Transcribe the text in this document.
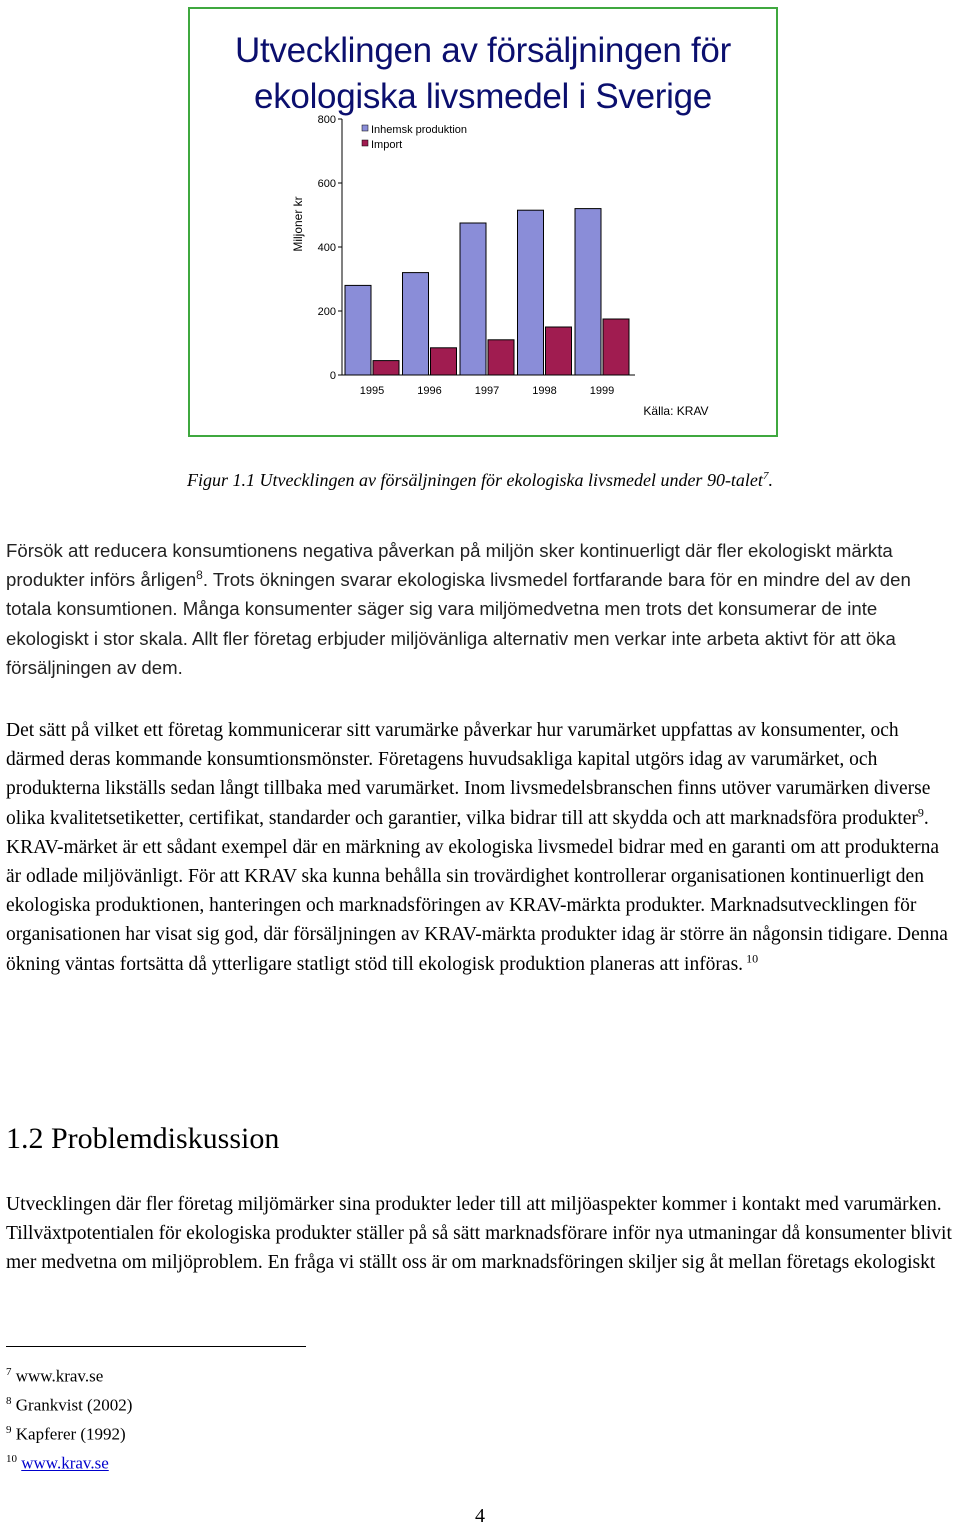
Utvecklingen av försäljningen för
ekologiska livsmedel i Sverige
0
200
400
600
800
1995	1996	1997	1998	1999
Inhemsk produktion
Import
Miljoner kr
Källa: KRAV
Figur 1.1 Utvecklingen av försäljningen för ekologiska livsmedel under 90-talet$^7$.
Försök att reducera konsumtionens negativa påverkan på miljön sker kontinuerligt där fler ekologiskt märkta produkter införs årligen$^8$. Trots ökningen svarar ekologiska livsmedel fortfarande bara för en mindre del av den totala konsumtionen. Många konsumenter säger sig vara miljömedvetna men trots det konsumerar de inte ekologiskt i stor skala. Allt fler företag erbjuder miljövänliga alternativ men verkar inte arbeta aktivt för att öka försäljningen av dem.
Det sätt på vilket ett företag kommunicerar sitt varumärke påverkar hur varumärket uppfattas av konsumenter, och därmed deras kommande konsumtionsmönster. Företagens huvudsakliga kapital utgörs idag av varumärket, och produkterna likställs sedan långt tillbaka med varumärket. Inom livsmedelsbranschen finns utöver varumärken diverse olika kvalitetsetiketter, certifikat, standarder och garantier, vilka bidrar till att skydda och att marknadsföra produkter$^9$. KRAV-märket är ett sådant exempel där en märkning av ekologiska livsmedel bidrar med en garanti om att produkterna är odlade miljövänligt. För att KRAV ska kunna behålla sin trovärdighet kontrollerar organisationen kontinuerligt den ekologiska produktionen, hanteringen och marknadsföringen av KRAV-märkta produkter. Marknadsutvecklingen för organisationen har visat sig god, där försäljningen av KRAV-märkta produkter idag är större än någonsin tidigare. Denna ökning väntas fortsätta då ytterligare statligt stöd till ekologisk produktion planeras att införas. $^{10}$
1.2 Problemdiskussion
Utvecklingen där fler företag miljömärker sina produkter leder till att miljöaspekter kommer i kontakt med varumärken. Tillväxtpotentialen för ekologiska produkter ställer på så sätt marknadsförare inför nya utmaningar då konsumenter blivit mer medvetna om miljöproblem. En fråga vi ställt oss är om marknadsföringen skiljer sig åt mellan företags ekologiskt
$^7$ www.krav.se
$^8$ Grankvist (2002)
$^9$ Kapferer (1992)
$^{10}$ www.krav.se
4
